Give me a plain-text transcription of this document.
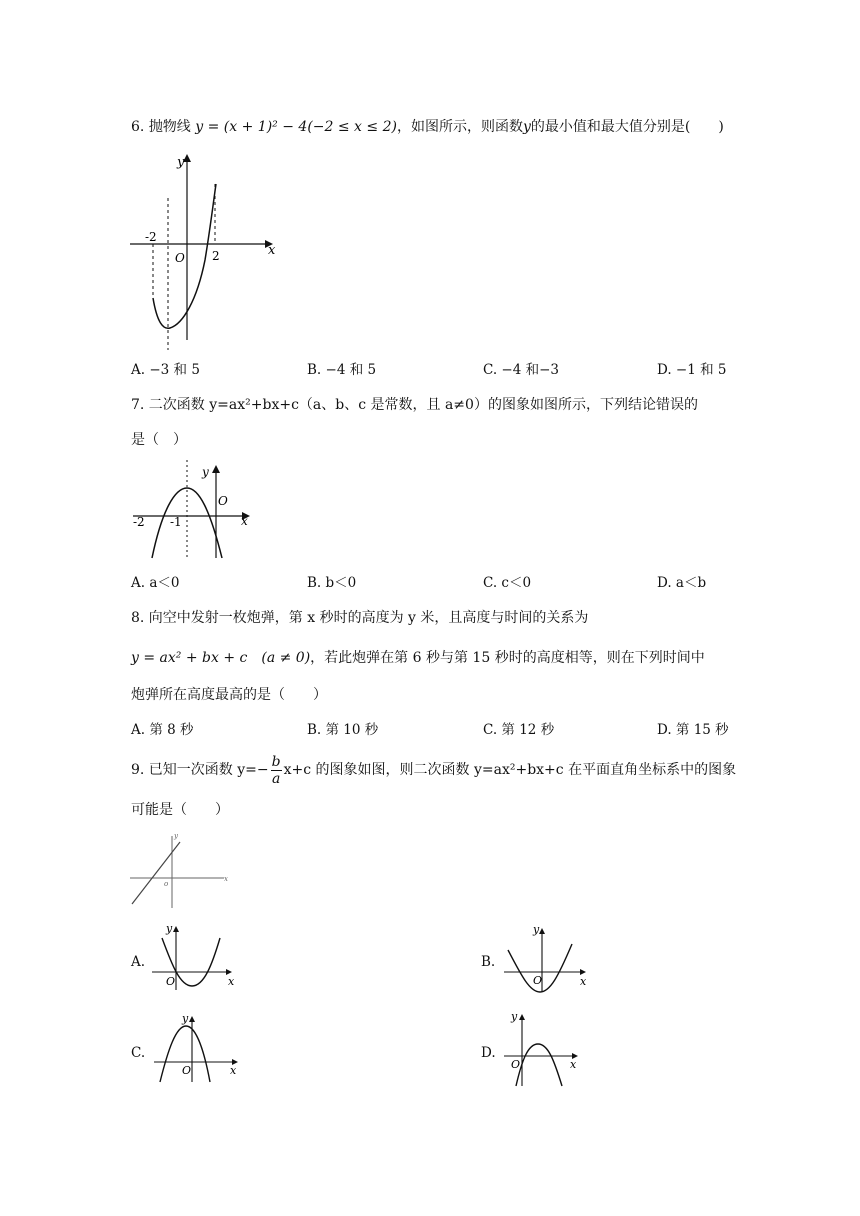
6. 抛物线 y = (x + 1)² − 4(−2 ≤ x ≤ 2)，如图所示，则函数y的最小值和最大值分别是(　　)
y
x
O
-2
2
A. −3 和 5	B. −4 和 5	C. −4 和−3	D. −1 和 5
7. 二次函数 y=ax²+bx+c（a、b、c 是常数，且 a≠0）的图象如图所示，下列结论错误的
是（　）
y
x
O
-2 -1
A. a＜0	B. b＜0	C. c＜0	D. a＜b
8. 向空中发射一枚炮弹，第 x 秒时的高度为 y 米，且高度与时间的关系为
y = ax² + bx + c　(a ≠ 0)，若此炮弹在第 6 秒与第 15 秒时的高度相等，则在下列时间中
炮弹所在高度最高的是（　　）
A. 第 8 秒	B. 第 10 秒	C. 第 12 秒	D. 第 15 秒
9. 已知一次函数 $y=- \frac{b}{a} x+c$ 的图象如图，则二次函数 y=ax²+bx+c 在平面直角坐标系中的图象
可能是（　　）
y
x
o
A.
y
x
O
B.
y
x
O
C.
y
x
O
D.
y
x
O
